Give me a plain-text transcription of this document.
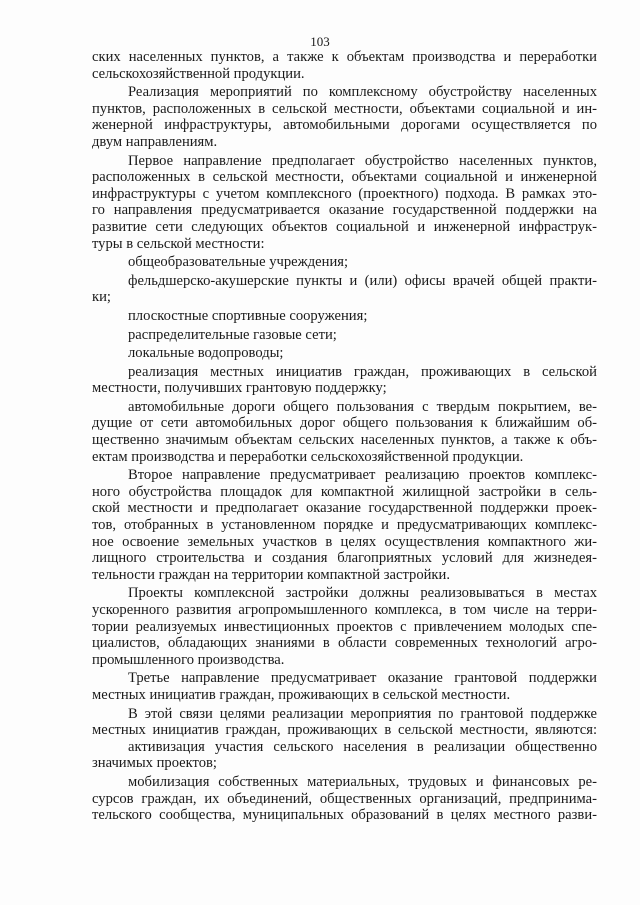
103
ских населенных пунктов, а также к объектам производства и переработки
сельскохозяйственной продукции.
Реализация мероприятий по комплексному обустройству населенных
пунктов, расположенных в сельской местности, объектами социальной и ин-
женерной инфраструктуры, автомобильными дорогами осуществляется по
двум направлениям.
Первое направление предполагает обустройство населенных пунктов,
расположенных в сельской местности, объектами социальной и инженерной
инфраструктуры с учетом комплексного (проектного) подхода. В рамках это-
го направления предусматривается оказание государственной поддержки на
развитие сети следующих объектов социальной и инженерной инфраструк-
туры в сельской местности:
общеобразовательные учреждения;
фельдшерско-акушерские пункты и (или) офисы врачей общей практи-
ки;
плоскостные спортивные сооружения;
распределительные газовые сети;
локальные водопроводы;
реализация местных инициатив граждан, проживающих в сельской
местности, получивших грантовую поддержку;
автомобильные дороги общего пользования с твердым покрытием, ве-
дущие от сети автомобильных дорог общего пользования к ближайшим об-
щественно значимым объектам сельских населенных пунктов, а также к объ-
ектам производства и переработки сельскохозяйственной продукции.
Второе направление предусматривает реализацию проектов комплекс-
ного обустройства площадок для компактной жилищной застройки в сель-
ской местности и предполагает оказание государственной поддержки проек-
тов, отобранных в установленном порядке и предусматривающих комплекс-
ное освоение земельных участков в целях осуществления компактного жи-
лищного строительства и создания благоприятных условий для жизнедея-
тельности граждан на территории компактной застройки.
Проекты комплексной застройки должны реализовываться в местах
ускоренного развития агропромышленного комплекса, в том числе на терри-
тории реализуемых инвестиционных проектов с привлечением молодых спе-
циалистов, обладающих знаниями в области современных технологий агро-
промышленного производства.
Третье направление предусматривает оказание грантовой поддержки
местных инициатив граждан, проживающих в сельской местности.
В этой связи целями реализации мероприятия по грантовой поддержке
местных инициатив граждан, проживающих в сельской местности, являются:
активизация участия сельского населения в реализации общественно
значимых проектов;
мобилизация собственных материальных, трудовых и финансовых ре-
сурсов граждан, их объединений, общественных организаций, предпринима-
тельского сообщества, муниципальных образований в целях местного разви-
